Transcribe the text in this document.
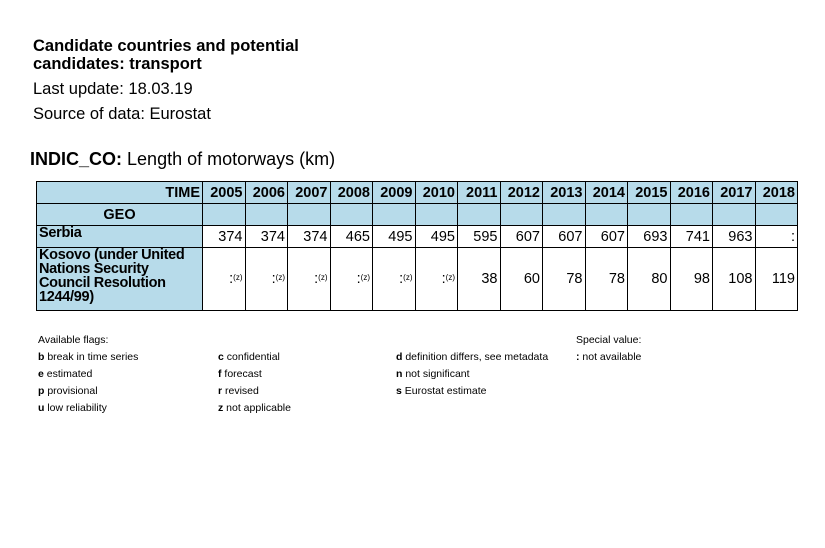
Candidate countries and potential
candidates: transport
Last update: 18.03.19
Source of data: Eurostat
INDIC_CO: Length of motorways (km)
TIME	2005	2006	2007	2008	2009	2010	2011	2012	2013	2014	2015	2016	2017	2018
GEO														
Serbia	374	374	374	465	495	495	595	607	607	607	693	741	963	:

Kosovo (under United
Nations Security
Council Resolution
1244/99)	:$^{(z)}$	:$^{(z)}$	:$^{(z)}$	:$^{(z)}$	:$^{(z)}$	:$^{(z)}$	38	60	78	78	80	98	108	119
Available flags:
b break in time series
e estimated
p provisional
u low reliability
c confidential
f forecast
r revised
z not applicable
d definition differs, see metadata
n not significant
s Eurostat estimate
Special value:
: not available
